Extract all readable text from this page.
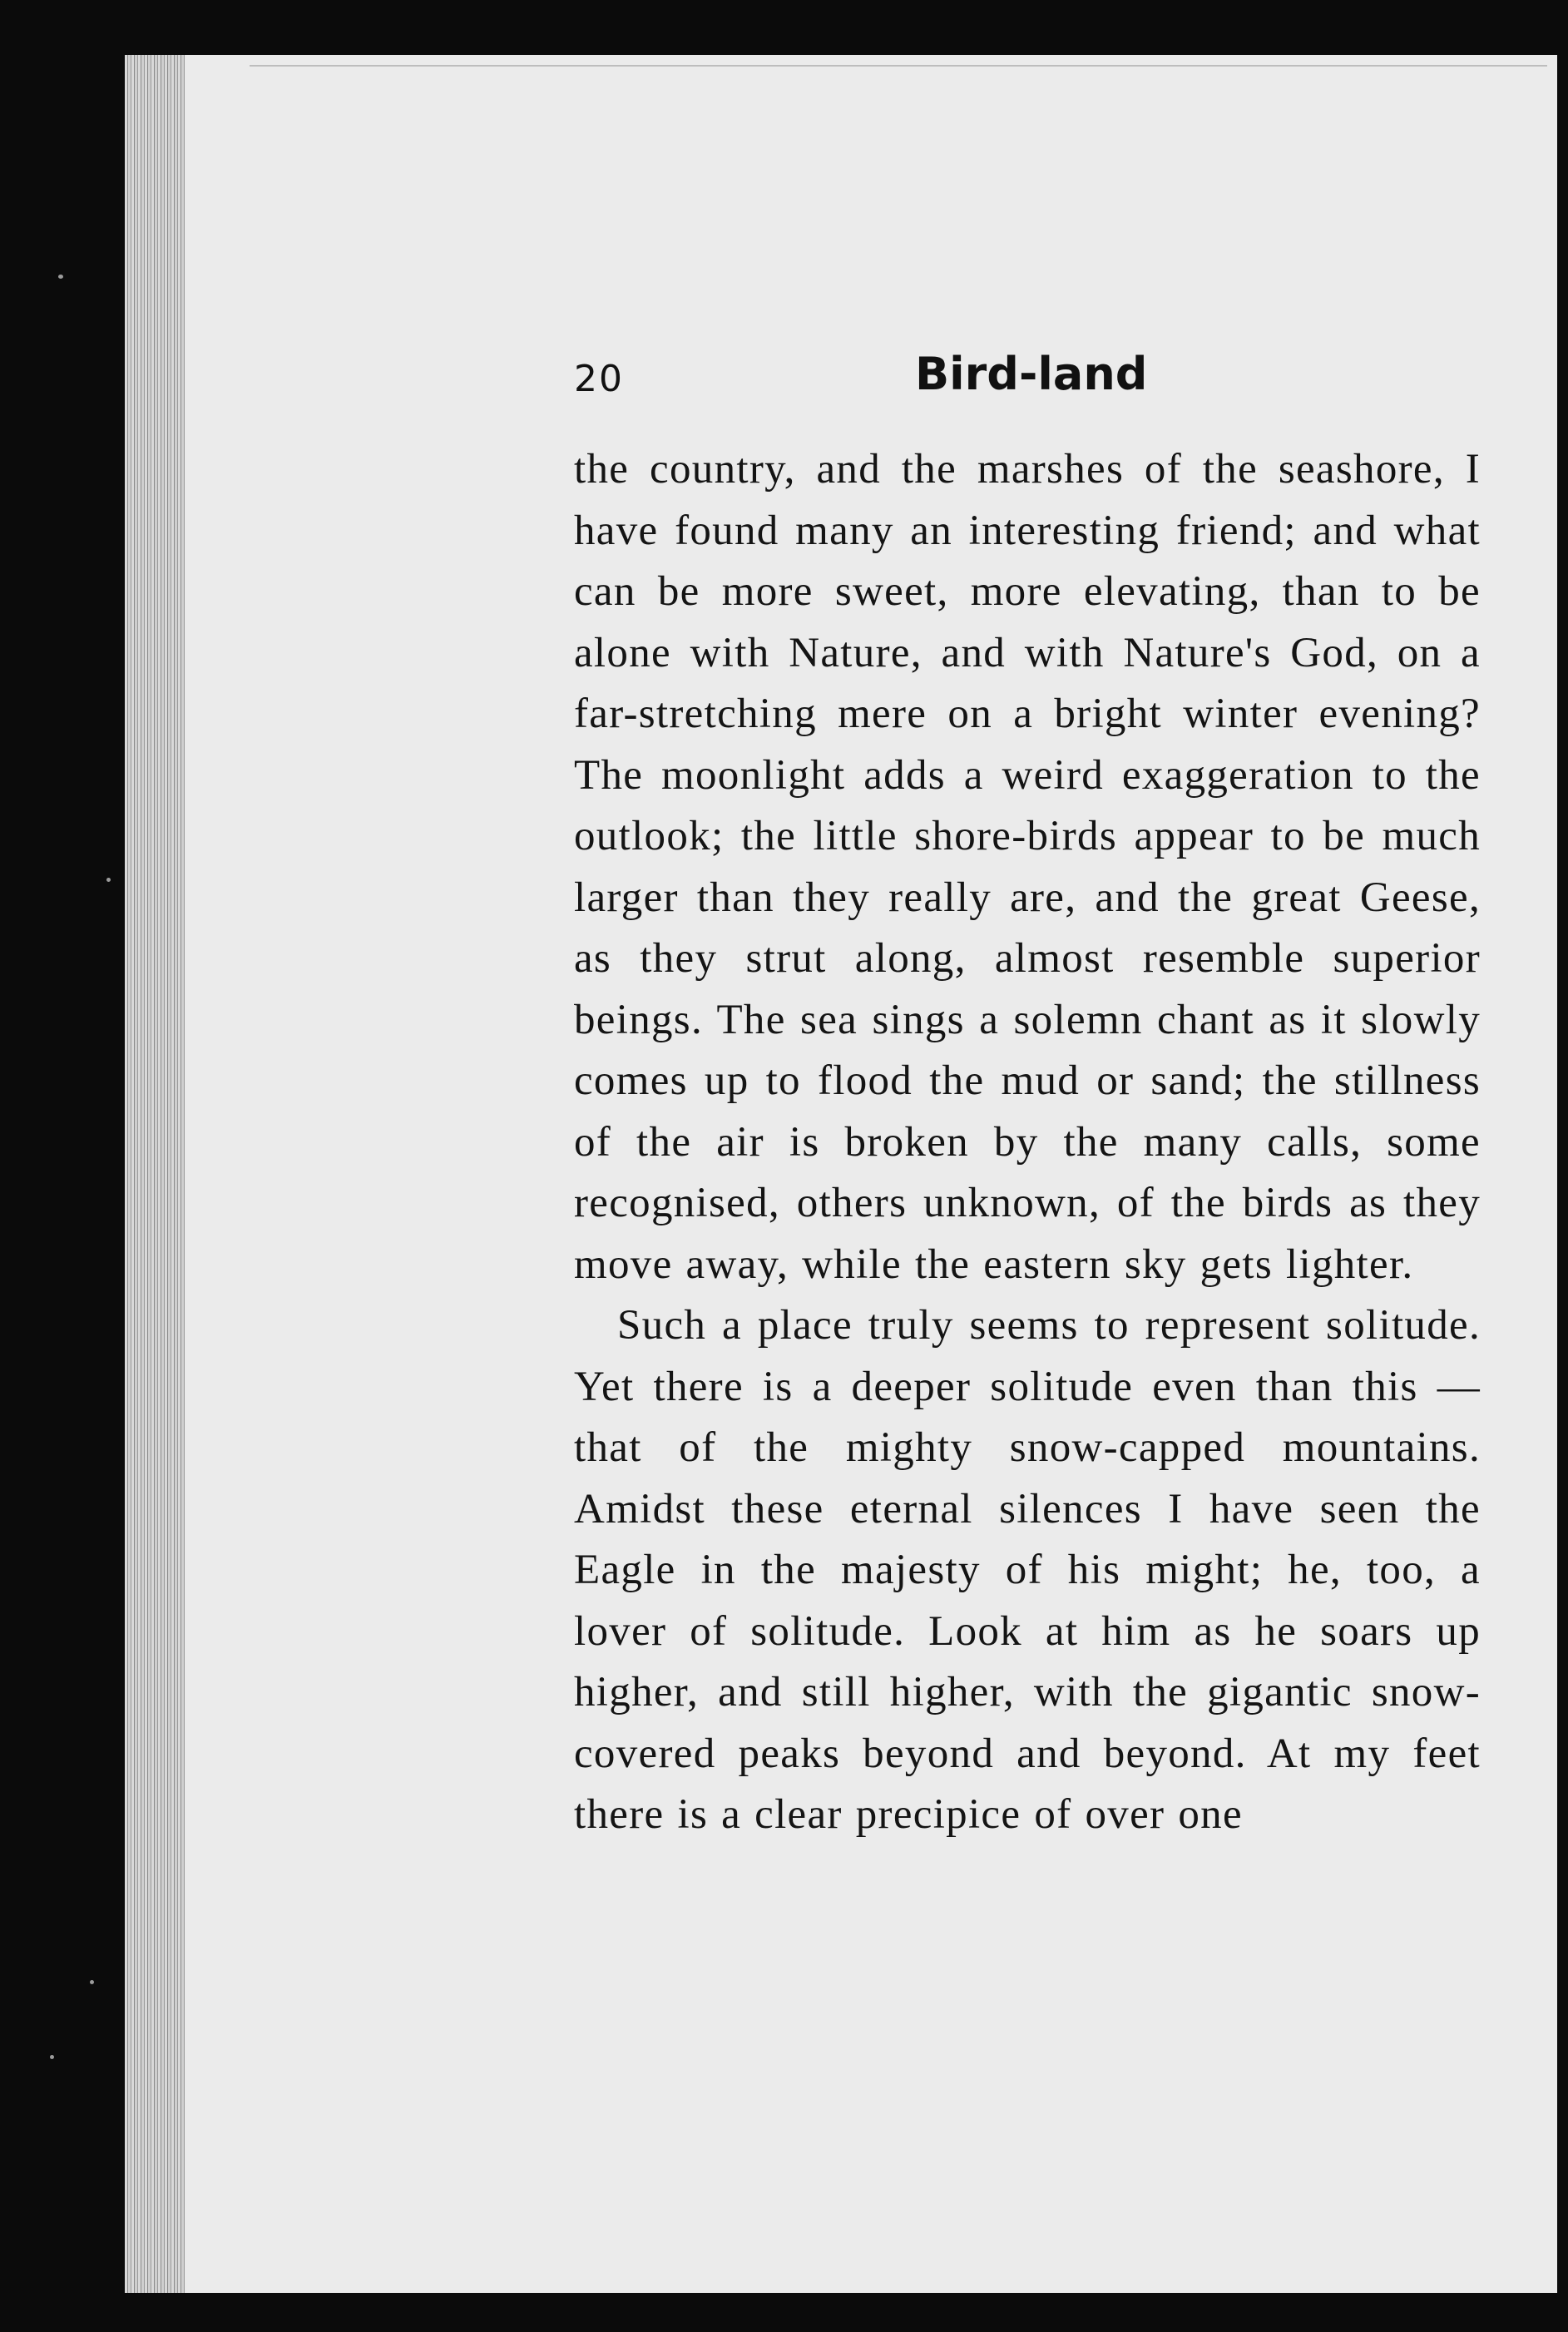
20	Bird-land

the country, and the marshes of the seashore, I have found many an interesting friend; and what can be more sweet, more elevating, than to be alone with Nature, and with Nature's God, on a far-stretching mere on a bright winter evening? The moonlight adds a weird exaggeration to the outlook; the little shore-birds appear to be much larger than they really are, and the great Geese, as they strut along, almost resemble superior beings. The sea sings a solemn chant as it slowly comes up to flood the mud or sand; the stillness of the air is broken by the many calls, some recognised, others unknown, of the birds as they move away, while the eastern sky gets lighter.

Such a place truly seems to represent solitude. Yet there is a deeper solitude even than this —that of the mighty snow-capped mountains. Amidst these eternal silences I have seen the Eagle in the majesty of his might; he, too, a lover of solitude. Look at him as he soars up higher, and still higher, with the gigantic snow-covered peaks beyond and beyond. At my feet there is a clear precipice of over one
